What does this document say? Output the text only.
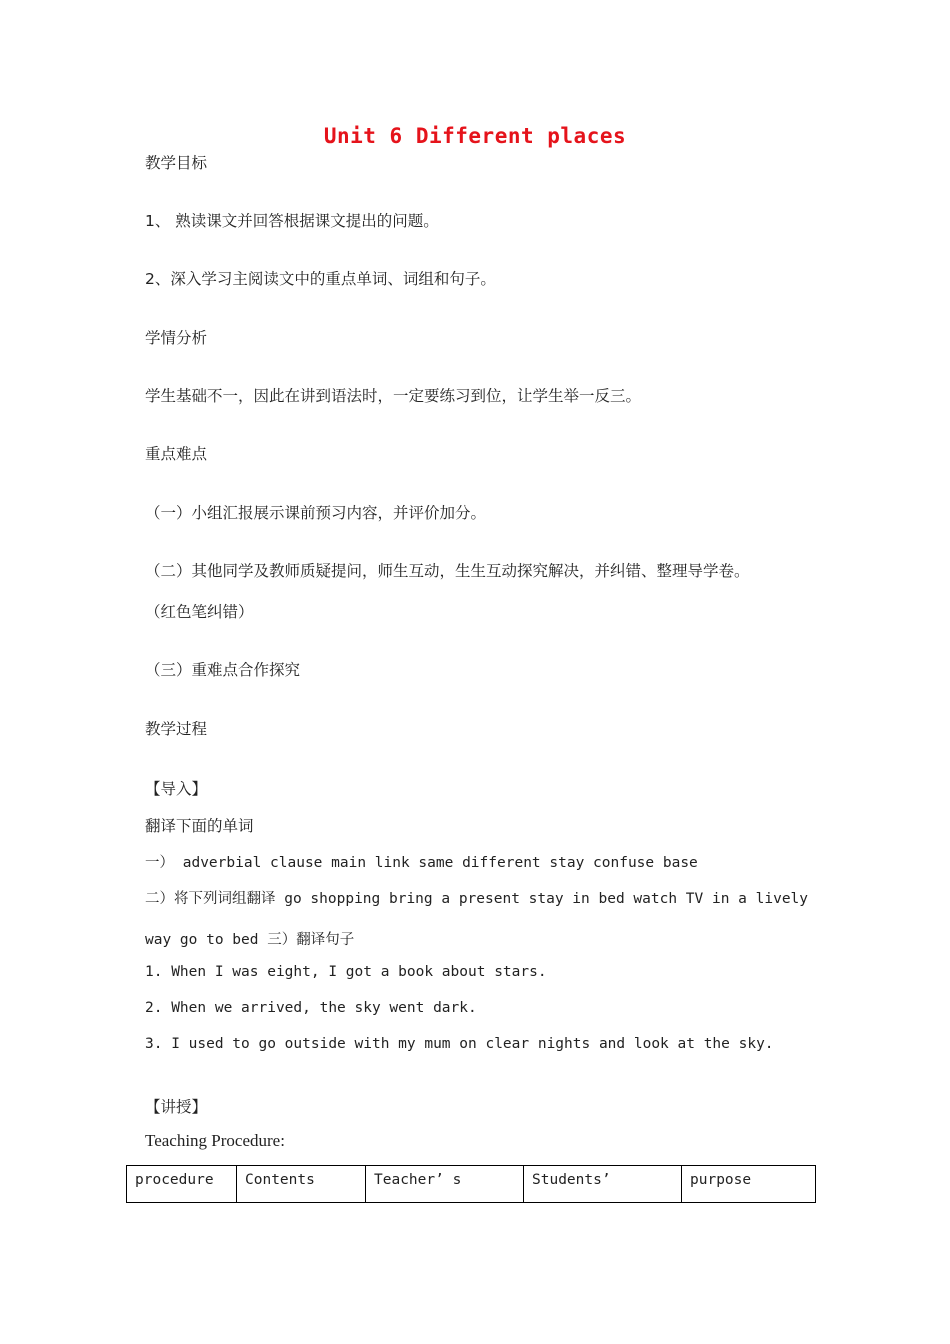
Unit 6 Different places
教学目标
1、 熟读课文并回答根据课文提出的问题。
2、深入学习主阅读文中的重点单词、词组和句子。
学情分析
学生基础不一，因此在讲到语法时，一定要练习到位，让学生举一反三。
重点难点
（一）小组汇报展示课前预习内容，并评价加分。
（二）其他同学及教师质疑提问，师生互动，生生互动探究解决，并纠错、整理导学卷。
（红色笔纠错）
（三）重难点合作探究
教学过程
【导入】
翻译下面的单词
一） adverbial clause main link same different stay confuse base
二）将下列词组翻译 go shopping bring a present stay in bed watch TV in a lively
way go to bed 三）翻译句子
1. When I was eight, I got a book about stars.
2. When we arrived, the sky went dark.
3. I used to go outside with my mum on clear nights and look at the sky.
【讲授】
Teaching Procedure:
procedure	Contents	Teacher’ s	Students’	purpose
